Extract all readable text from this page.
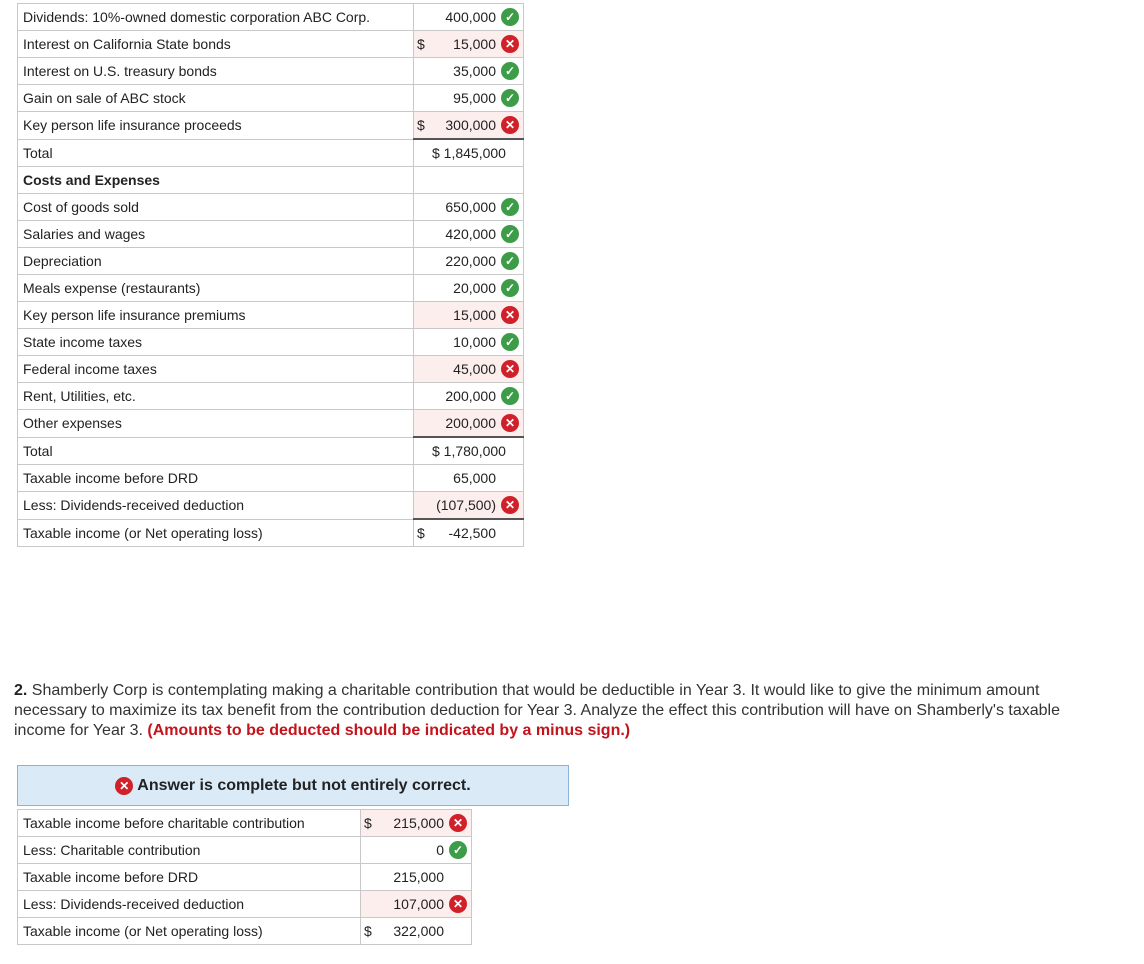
Dividends: 10%-owned domestic corporation ABC Corp.	400,000 ✓

Interest on California State bonds	$ 15,000 ✕

Interest on U.S. treasury bonds	35,000 ✓

Gain on sale of ABC stock	95,000 ✓

Key person life insurance proceeds	$ 300,000 ✕

Total	$ 1,845,000

Costs and Expenses	
Cost of goods sold	650,000 ✓

Salaries and wages	420,000 ✓

Depreciation	220,000 ✓

Meals expense (restaurants)	20,000 ✓

Key person life insurance premiums	15,000 ✕

State income taxes	10,000 ✓

Federal income taxes	45,000 ✕

Rent, Utilities, etc.	200,000 ✓

Other expenses	200,000 ✕

Total	$ 1,780,000

Taxable income before DRD	65,000

Less: Dividends-received deduction	(107,500) ✕

Taxable income (or Net operating loss)	$ -42,500
2. Shamberly Corp is contemplating making a charitable contribution that would be deductible in Year 3. It would like to give the minimum amount necessary to maximize its tax benefit from the contribution deduction for Year 3. Analyze the effect this contribution will have on Shamberly's taxable income for Year 3. (Amounts to be deducted should be indicated by a minus sign.)
✕ Answer is complete but not entirely correct.
Taxable income before charitable contribution	$ 215,000 ✕

Less: Charitable contribution	0 ✓

Taxable income before DRD	215,000

Less: Dividends-received deduction	107,000 ✕

Taxable income (or Net operating loss)	$ 322,000
